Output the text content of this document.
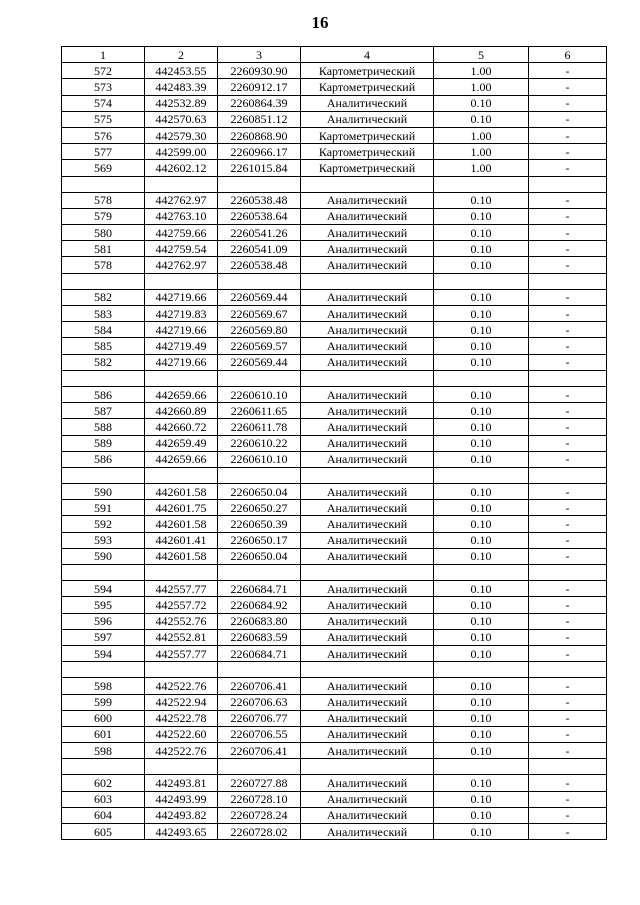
16
1	2	3	4	5	6
572	442453.55	2260930.90	Картометрический	1.00	-
573	442483.39	2260912.17	Картометрический	1.00	-
574	442532.89	2260864.39	Аналитический	0.10	-
575	442570.63	2260851.12	Аналитический	0.10	-
576	442579.30	2260868.90	Картометрический	1.00	-
577	442599.00	2260966.17	Картометрический	1.00	-
569	442602.12	2261015.84	Картометрический	1.00	-

578	442762.97	2260538.48	Аналитический	0.10	-
579	442763.10	2260538.64	Аналитический	0.10	-
580	442759.66	2260541.26	Аналитический	0.10	-
581	442759.54	2260541.09	Аналитический	0.10	-
578	442762.97	2260538.48	Аналитический	0.10	-

582	442719.66	2260569.44	Аналитический	0.10	-
583	442719.83	2260569.67	Аналитический	0.10	-
584	442719.66	2260569.80	Аналитический	0.10	-
585	442719.49	2260569.57	Аналитический	0.10	-
582	442719.66	2260569.44	Аналитический	0.10	-

586	442659.66	2260610.10	Аналитический	0.10	-
587	442660.89	2260611.65	Аналитический	0.10	-
588	442660.72	2260611.78	Аналитический	0.10	-
589	442659.49	2260610.22	Аналитический	0.10	-
586	442659.66	2260610.10	Аналитический	0.10	-

590	442601.58	2260650.04	Аналитический	0.10	-
591	442601.75	2260650.27	Аналитический	0.10	-
592	442601.58	2260650.39	Аналитический	0.10	-
593	442601.41	2260650.17	Аналитический	0.10	-
590	442601.58	2260650.04	Аналитический	0.10	-

594	442557.77	2260684.71	Аналитический	0.10	-
595	442557.72	2260684.92	Аналитический	0.10	-
596	442552.76	2260683.80	Аналитический	0.10	-
597	442552.81	2260683.59	Аналитический	0.10	-
594	442557.77	2260684.71	Аналитический	0.10	-

598	442522.76	2260706.41	Аналитический	0.10	-
599	442522.94	2260706.63	Аналитический	0.10	-
600	442522.78	2260706.77	Аналитический	0.10	-
601	442522.60	2260706.55	Аналитический	0.10	-
598	442522.76	2260706.41	Аналитический	0.10	-

602	442493.81	2260727.88	Аналитический	0.10	-
603	442493.99	2260728.10	Аналитический	0.10	-
604	442493.82	2260728.24	Аналитический	0.10	-
605	442493.65	2260728.02	Аналитический	0.10	-
